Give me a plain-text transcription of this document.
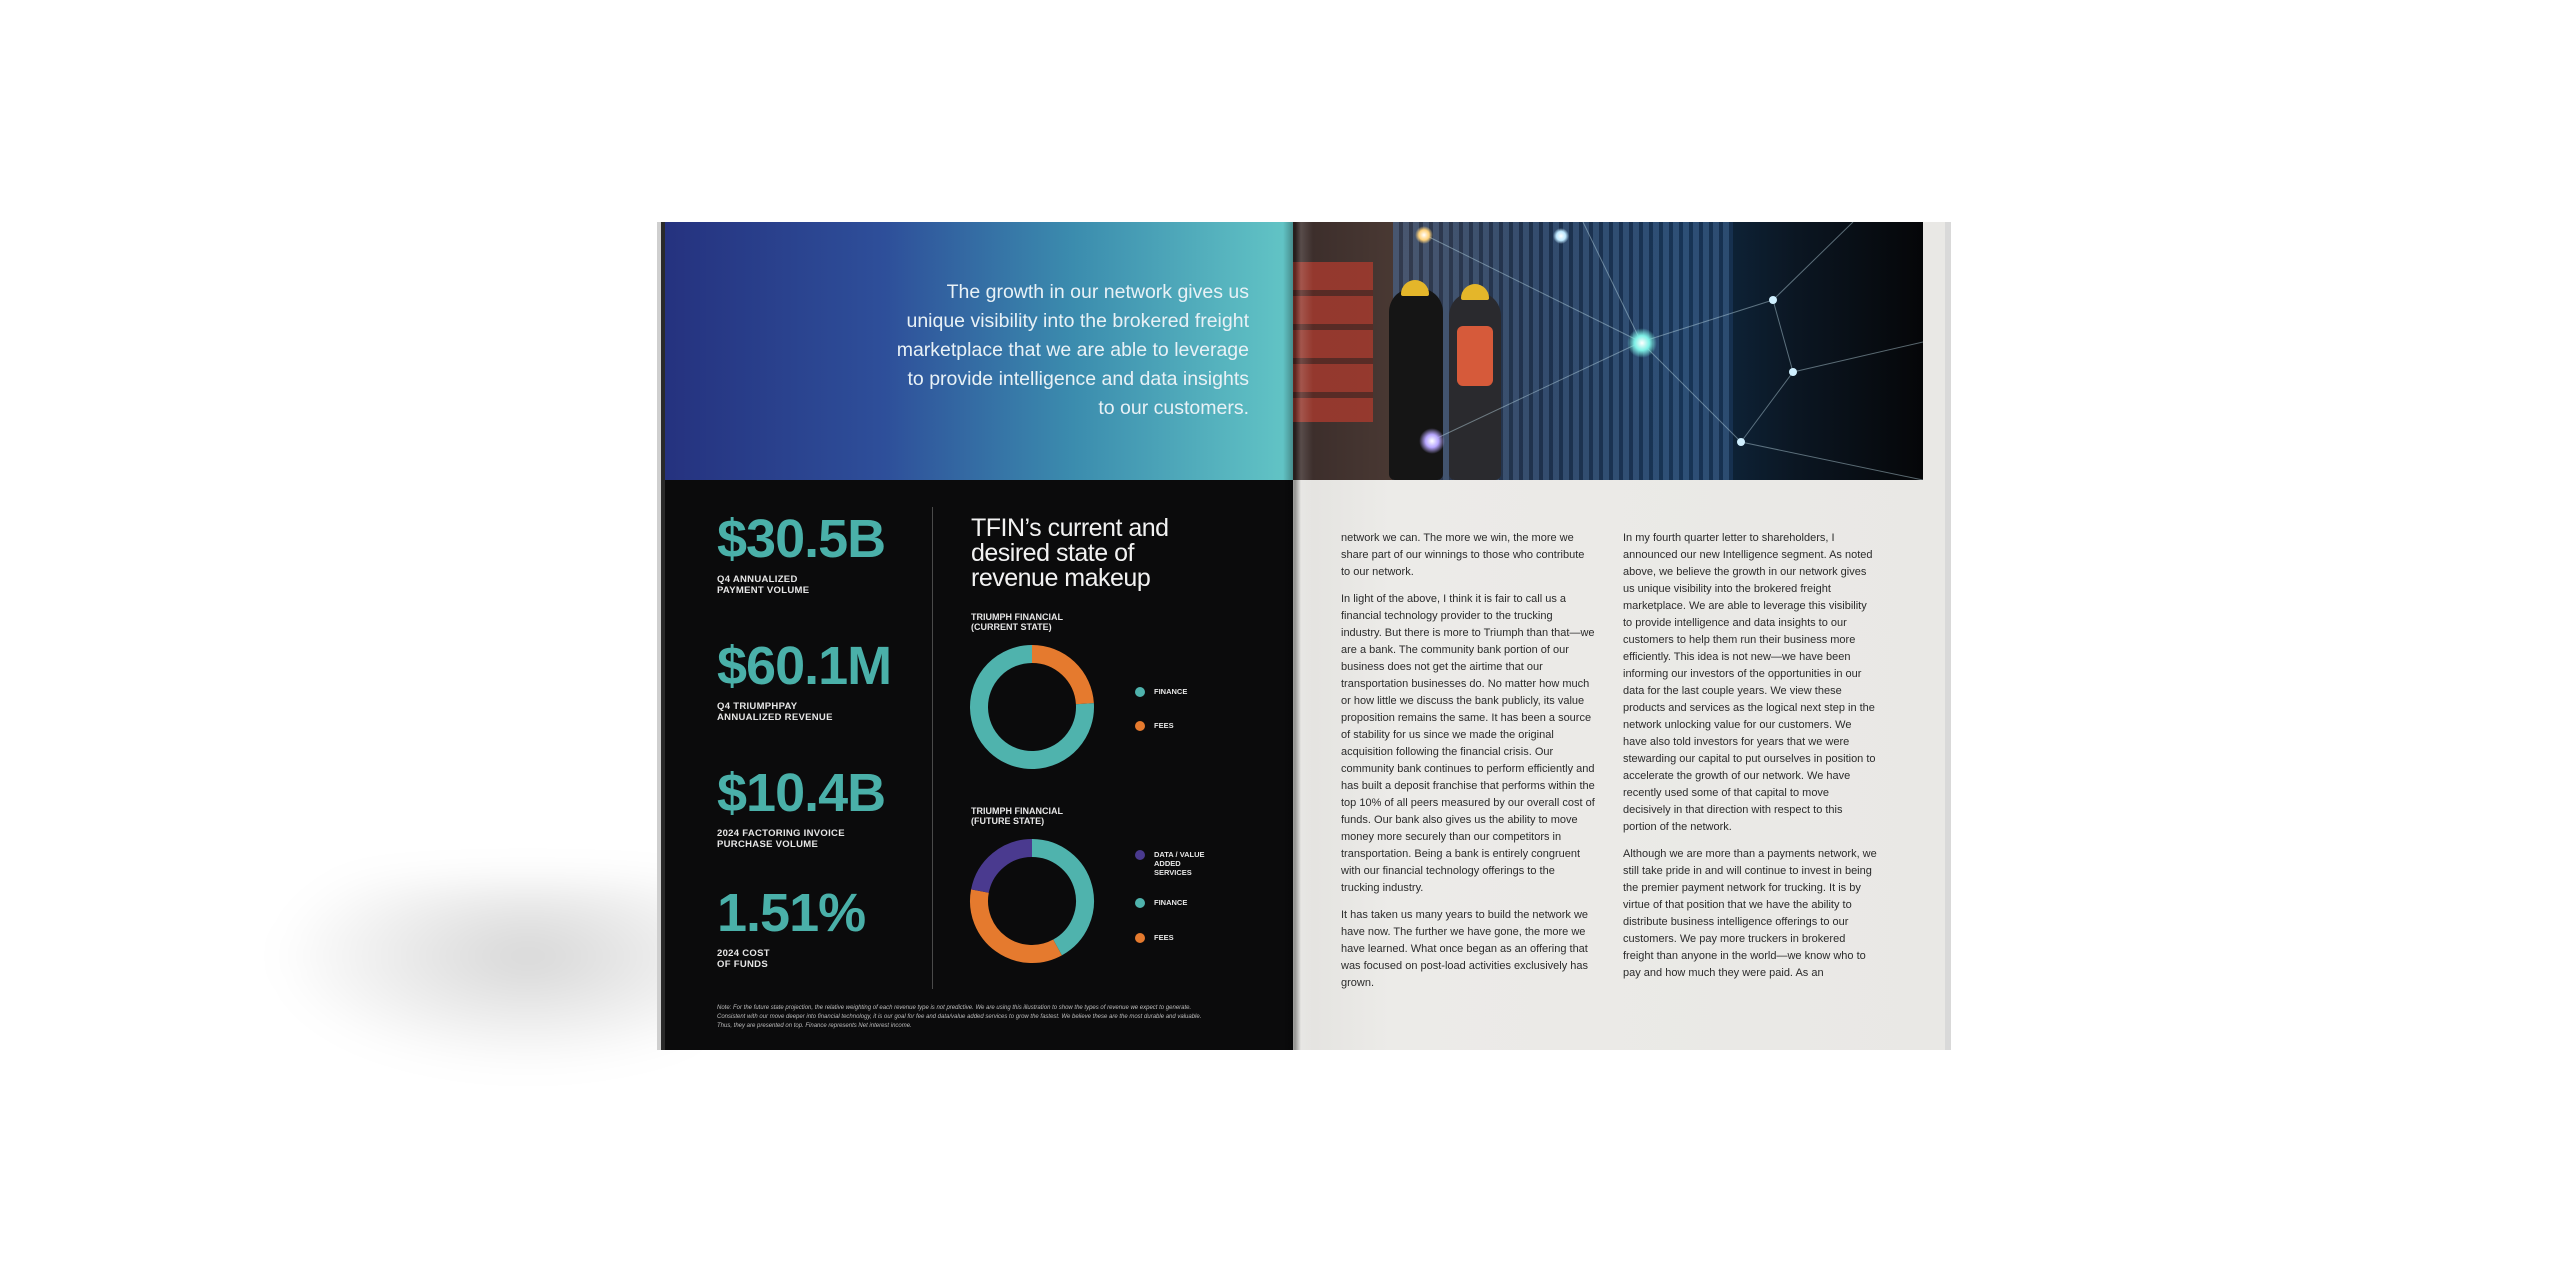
The growth in our network gives us unique visibility into the brokered freight marketplace that we are able to leverage to provide intelligence and data insights to our customers.
$30.5B
Q4 ANNUALIZED
PAYMENT VOLUME
$60.1M
Q4 TRIUMPHPAY
ANNUALIZED REVENUE
$10.4B
2024 FACTORING INVOICE
PURCHASE VOLUME
1.51%
2024 COST
OF FUNDS
TFIN’s current and desired state of revenue makeup
TRIUMPH FINANCIAL
(CURRENT STATE)
FINANCE
FEES
TRIUMPH FINANCIAL
(FUTURE STATE)
DATA / VALUE
ADDED
SERVICES
FINANCE
FEES
Note: For the future state projection, the relative weighting of each revenue type is not predictive. We are using this illustration to show the types of revenue we expect to generate. Consistent with our move deeper into financial technology, it is our goal for fee and data/value added services to grow the fastest. We believe these are the most durable and valuable. Thus, they are presented on top. Finance represents Net interest income.

network we can. The more we win, the more we share part of our winnings to those who contribute to our network.

In light of the above, I think it is fair to call us a financial technology provider to the trucking industry. But there is more to Triumph than that—we are a bank. The community bank portion of our business does not get the airtime that our transportation businesses do. No matter how much or how little we discuss the bank publicly, its value proposition remains the same. It has been a source of stability for us since we made the original acquisition following the financial crisis. Our community bank continues to perform efficiently and has built a deposit franchise that performs within the top 10% of all peers measured by our overall cost of funds. Our bank also gives us the ability to move money more securely than our competitors in transportation. Being a bank is entirely congruent with our financial technology offerings to the trucking industry.

It has taken us many years to build the network we have now. The further we have gone, the more we have learned. What once began as an offering that was focused on post-load activities exclusively has grown.

In my fourth quarter letter to shareholders, I announced our new Intelligence segment. As noted above, we believe the growth in our network gives us unique visibility into the brokered freight marketplace. We are able to leverage this visibility to provide intelligence and data insights to our customers to help them run their business more efficiently. This idea is not new—we have been informing our investors of the opportunities in our data for the last couple years. We view these products and services as the logical next step in the network unlocking value for our customers. We have also told investors for years that we were stewarding our capital to put ourselves in position to accelerate the growth of our network. We have recently used some of that capital to move decisively in that direction with respect to this portion of the network.

Although we are more than a payments network, we still take pride in and will continue to invest in being the premier payment network for trucking. It is by virtue of that position that we have the ability to distribute business intelligence offerings to our customers. We pay more truckers in brokered freight than anyone in the world—we know who to pay and how much they were paid. As an
